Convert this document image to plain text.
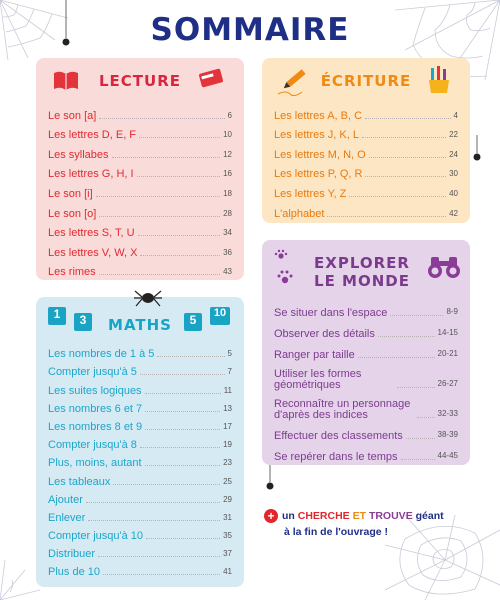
SOMMAIRE
LECTURE
Le son [a]	6
Les lettres D, E, F	10
Les syllabes	12
Les lettres G, H, I	16
Le son [i]	18
Le son [o]	28
Les lettres S, T, U	34
Les lettres V, W, X	36
Les rimes	43
ÉCRITURE
Les lettres A, B, C	4
Les lettres J, K, L	22
Les lettres M, N, O	24
Les lettres P, Q, R	30
Les lettres Y, Z	40
L'alphabet	42
EXPLORER
LE MONDE
Se situer dans l'espace	8-9
Observer des détails	14-15
Ranger par taille	20-21
Utiliser les formes géométriques	26-27
Reconnaître un personnage d'après des indices	32-33
Effectuer des classements	38-39
Se repérer dans le temps	44-45
1	3	5	10
MATHS
Les nombres de 1 à 5	5
Compter jusqu'à 5	7
Les suites logiques	11
Les nombres 6 et 7	13
Les nombres 8 et 9	17
Compter jusqu'à 8	19
Plus, moins, autant	23
Les tableaux	25
Ajouter	29
Enlever	31
Compter jusqu'à 10	35
Distribuer	37
Plus de 10	41
+ un CHERCHE ET TROUVE géant
à la fin de l'ouvrage !
